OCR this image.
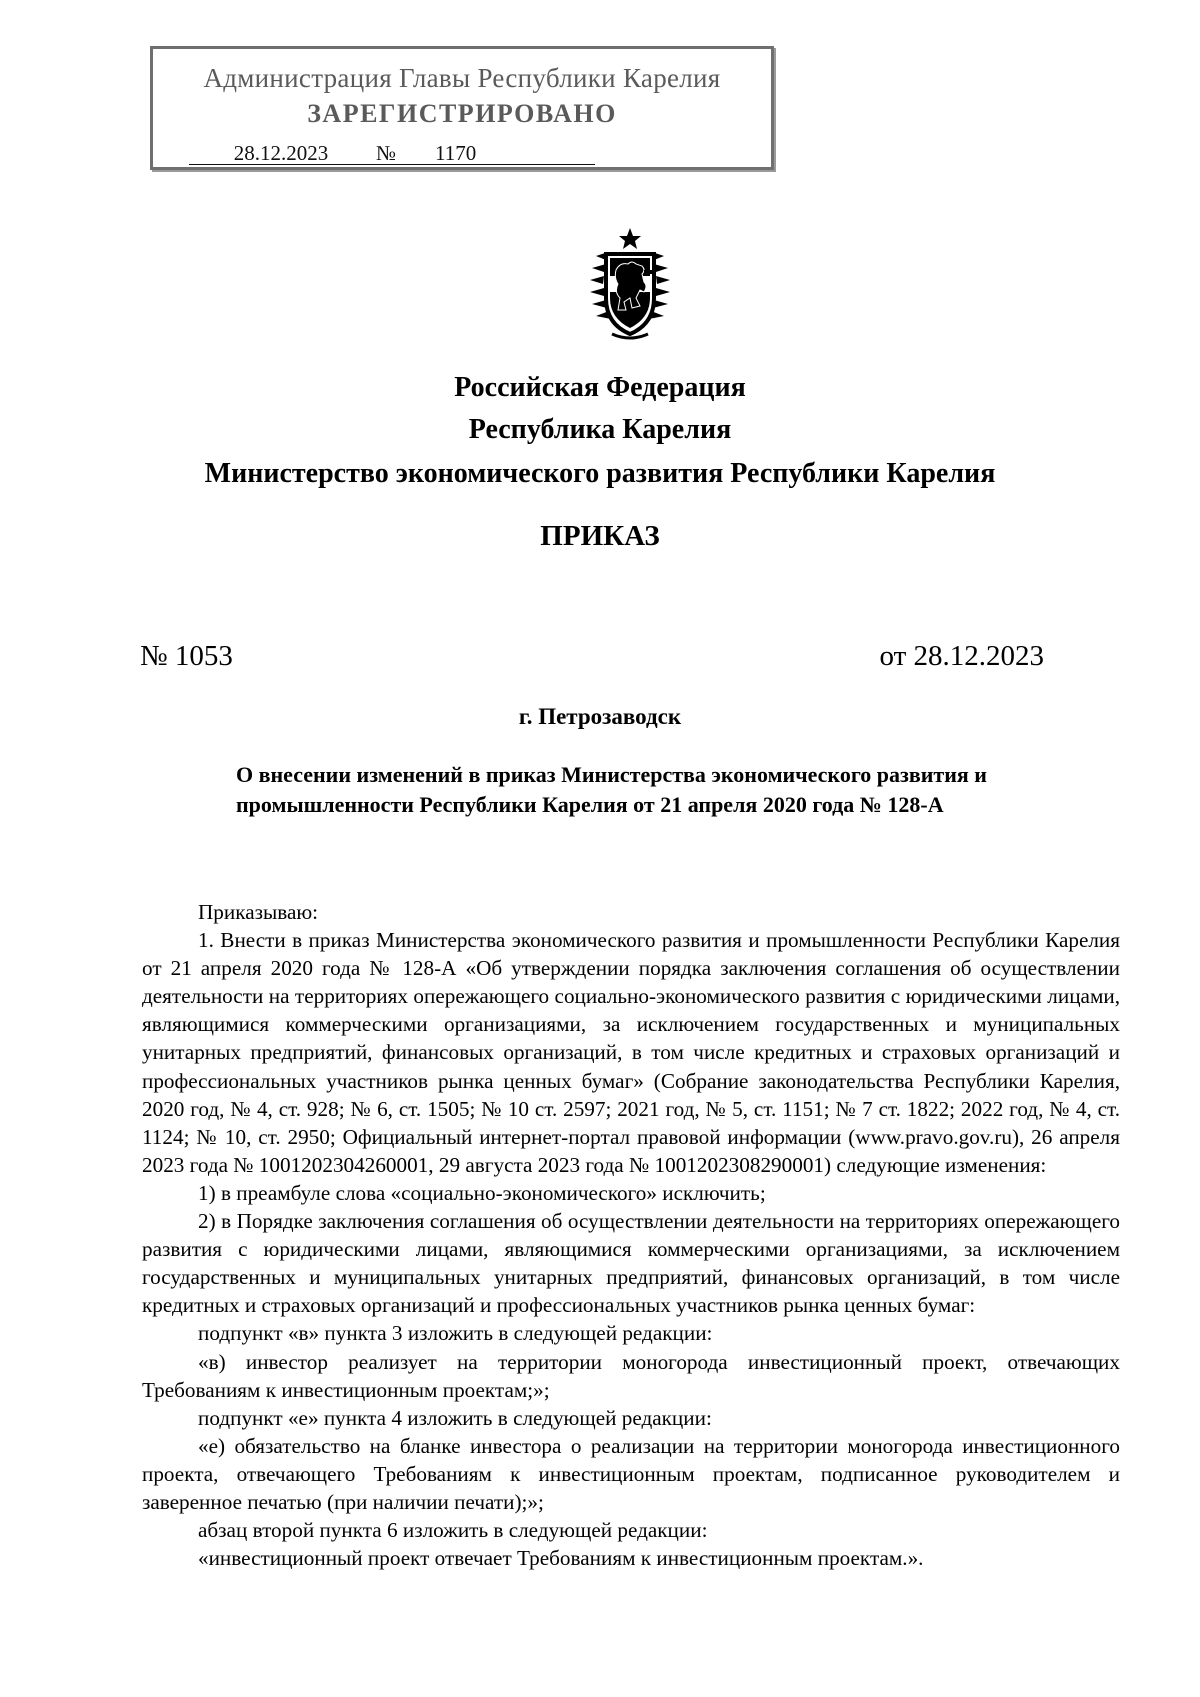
Администрация Главы Республики Карелия
ЗАРЕГИСТРИРОВАНО
28.12.2023 № 1170
Российская Федерация
Республика Карелия
Министерство экономического развития Республики Карелия
ПРИКАЗ
№ 1053	от 28.12.2023
г. Петрозаводск
О внесении изменений в приказ Министерства экономического развития и
промышленности Республики Карелия от 21 апреля 2020 года № 128-А

Приказываю:

1. Внести в приказ Министерства экономического развития и промышленности Республики Карелия от 21 апреля 2020 года № 128-А «Об утверждении порядка заключения соглашения об осуществлении деятельности на территориях опережающего социально-экономического развития с юридическими лицами, являющимися коммерческими организациями, за исключением государственных и муниципальных унитарных предприятий, финансовых организаций, в том числе кредитных и страховых организаций и профессиональных участников рынка ценных бумаг» (Собрание законодательства Республики Карелия, 2020 год, № 4, ст. 928; № 6, ст. 1505; № 10 ст. 2597; 2021 год, № 5, ст. 1151; № 7 ст. 1822; 2022 год, № 4, ст. 1124; № 10, ст. 2950; Официальный интернет-портал правовой информации (www.pravo.gov.ru), 26 апреля 2023 года № 1001202304260001, 29 августа 2023 года № 1001202308290001) следующие изменения:

1) в преамбуле слова «социально-экономического» исключить;

2) в Порядке заключения соглашения об осуществлении деятельности на территориях опережающего развития с юридическими лицами, являющимися коммерческими организациями, за исключением государственных и муниципальных унитарных предприятий, финансовых организаций, в том числе кредитных и страховых организаций и профессиональных участников рынка ценных бумаг:

подпункт «в» пункта 3 изложить в следующей редакции:

«в) инвестор реализует на территории моногорода инвестиционный проект, отвечающих Требованиям к инвестиционным проектам;»;

подпункт «е» пункта 4 изложить в следующей редакции:

«е) обязательство на бланке инвестора о реализации на территории моногорода инвестиционного проекта, отвечающего Требованиям к инвестиционным проектам, подписанное руководителем и заверенное печатью (при наличии печати);»;

абзац второй пункта 6 изложить в следующей редакции:

«инвестиционный проект отвечает Требованиям к инвестиционным проектам.».
